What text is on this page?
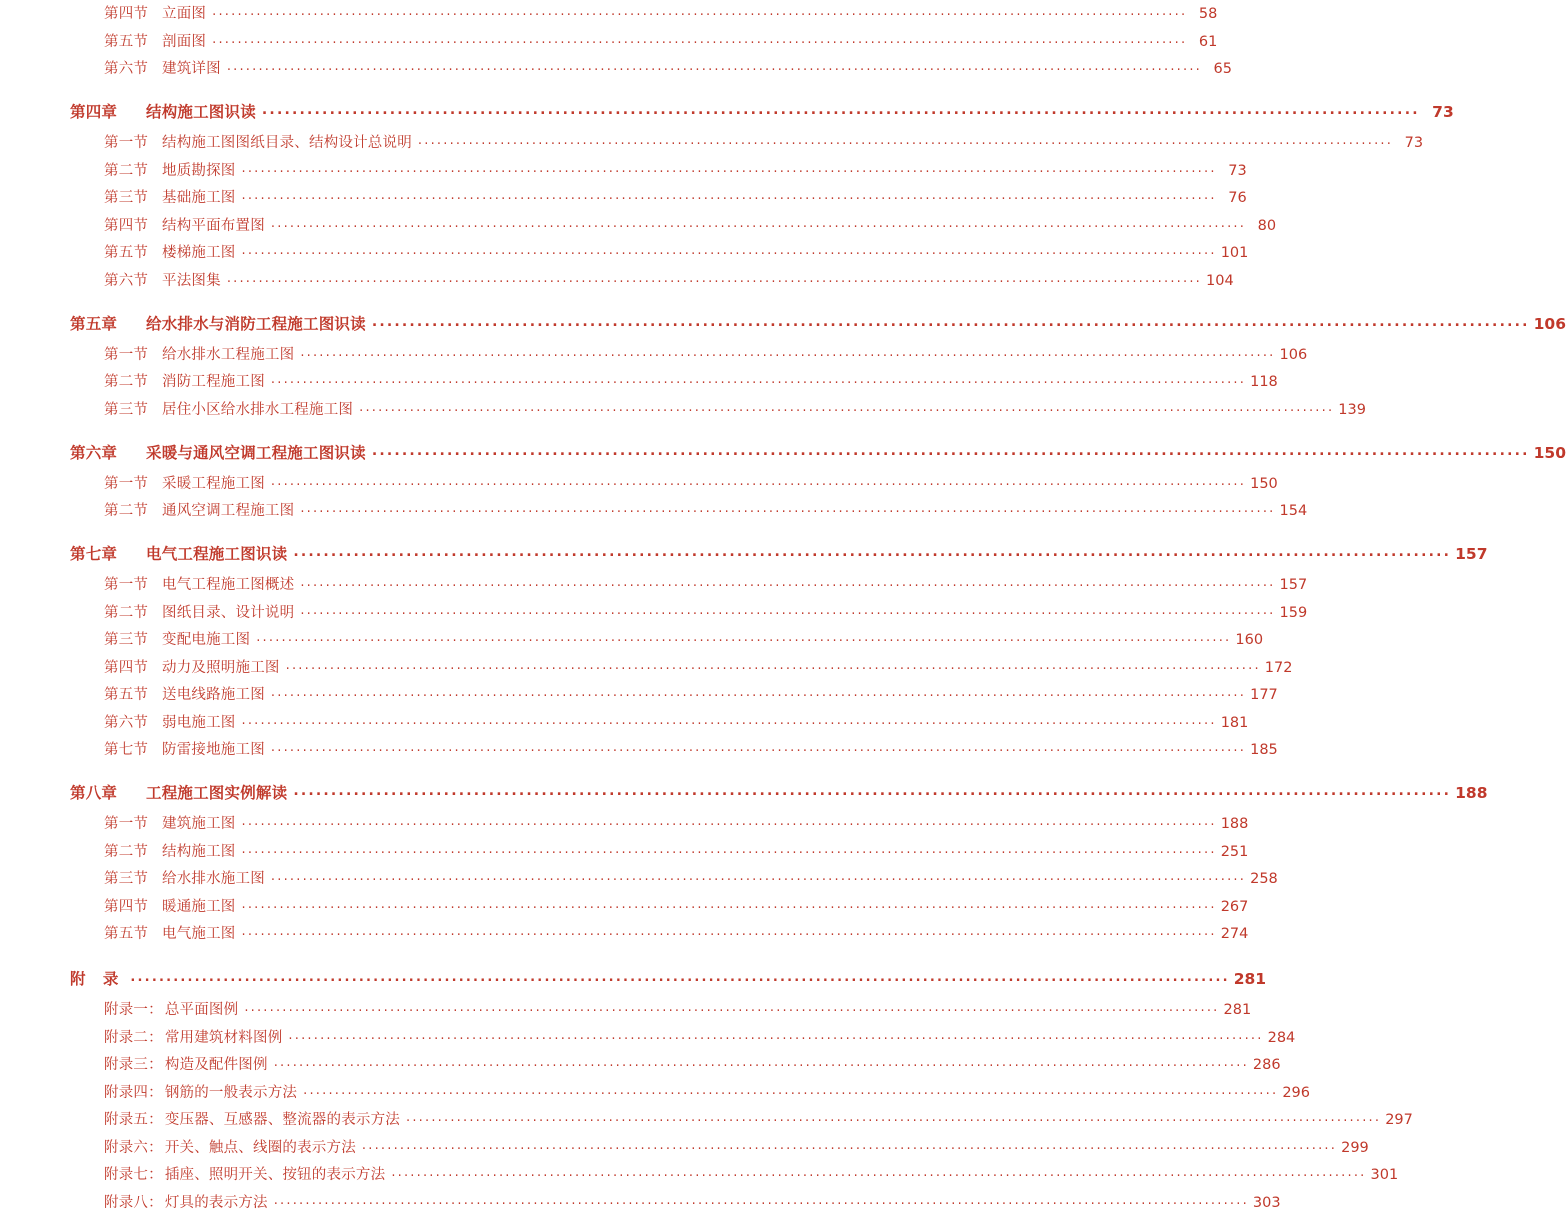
第四节 立面图 .....	58
第五节 剖面图 .....	61
第六节 建筑详图 .....	65
第四章 结构施工图识读 .....	73
第一节 结构施工图图纸目录、结构设计总说明 .....	73
第二节 地质勘探图 .....	73
第三节 基础施工图 .....	76
第四节 结构平面布置图 .....	80
第五节 楼梯施工图 .....	101
第六节 平法图集 .....	104
第五章 给水排水与消防工程施工图识读 .....	106
第一节 给水排水工程施工图 .....	106
第二节 消防工程施工图 .....	118
第三节 居住小区给水排水工程施工图 .....	139
第六章 采暖与通风空调工程施工图识读 .....	150
第一节 采暖工程施工图 .....	150
第二节 通风空调工程施工图 .....	154
第七章 电气工程施工图识读 .....	157
第一节 电气工程施工图概述 .....	157
第二节 图纸目录、设计说明 .....	159
第三节 变配电施工图 .....	160
第四节 动力及照明施工图 .....	172
第五节 送电线路施工图 .....	177
第六节 弱电施工图 .....	181
第七节 防雷接地施工图 .....	185
第八章 工程施工图实例解读 .....	188
第一节 建筑施工图 .....	188
第二节 结构施工图 .....	251
第三节 给水排水施工图 .....	258
第四节 暖通施工图 .....	267
第五节 电气施工图 .....	274
附 录 .....	281
附录一： 总平面图例 .....	281
附录二： 常用建筑材料图例 .....	284
附录三： 构造及配件图例 .....	286
附录四： 钢筋的一般表示方法 .....	296
附录五： 变压器、互感器、整流器的表示方法 .....	297
附录六： 开关、触点、线圈的表示方法 .....	299
附录七： 插座、照明开关、按钮的表示方法 .....	301
附录八： 灯具的表示方法 .....	303
